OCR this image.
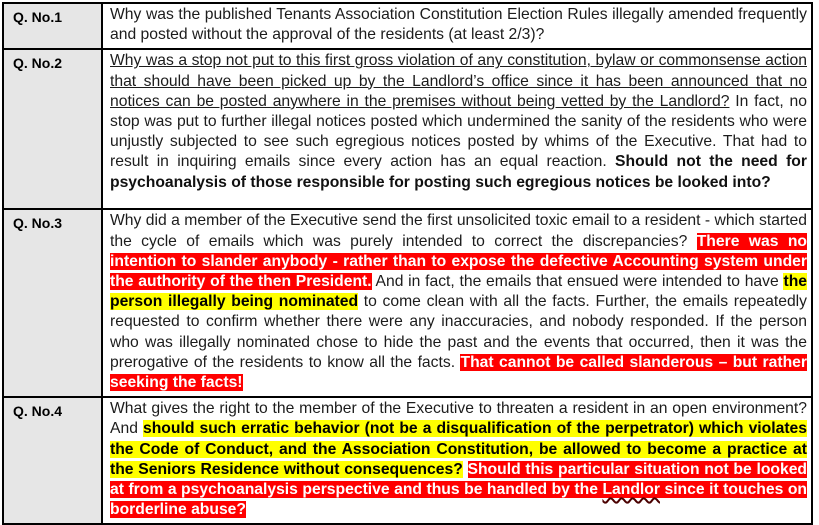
Q. No.1	Why was the published Tenants Association Constitution Election Rules illegally amended frequently and posted without the approval of the residents (at least 2/3)?
Q. No.2	Why was a stop not put to this first gross violation of any constitution, bylaw or commonsense action that should have been picked up by the Landlord’s office since it has been announced that no notices can be posted anywhere in the premises without being vetted by the Landlord? In fact, no stop was put to further illegal notices posted which undermined the sanity of the residents who were unjustly subjected to see such egregious notices posted by whims of the Executive. That had to result in inquiring emails since every action has an equal reaction. Should not the need for psychoanalysis of those responsible for posting such egregious notices be looked into?
Q. No.3	Why did a member of the Executive send the first unsolicited toxic email to a resident - which started the cycle of emails which was purely intended to correct the discrepancies? There was no intention to slander anybody - rather than to expose the defective Accounting system under the authority of the then President. And in fact, the emails that ensued were intended to have the person illegally being nominated to come clean with all the facts. Further, the emails repeatedly requested to confirm whether there were any inaccuracies, and nobody responded. If the person who was illegally nominated chose to hide the past and the events that occurred, then it was the prerogative of the residents to know all the facts. That cannot be called slanderous – but rather seeking the facts!
Q. No.4	What gives the right to the member of the Executive to threaten a resident in an open environment? And should such erratic behavior (not be a disqualification of the perpetrator) which violates the Code of Conduct, and the Association Constitution, be allowed to become a practice at the Seniors Residence without consequences? Should this particular situation not be looked at from a psychoanalysis perspective and thus be handled by the Landlor since it touches on borderline abuse?
